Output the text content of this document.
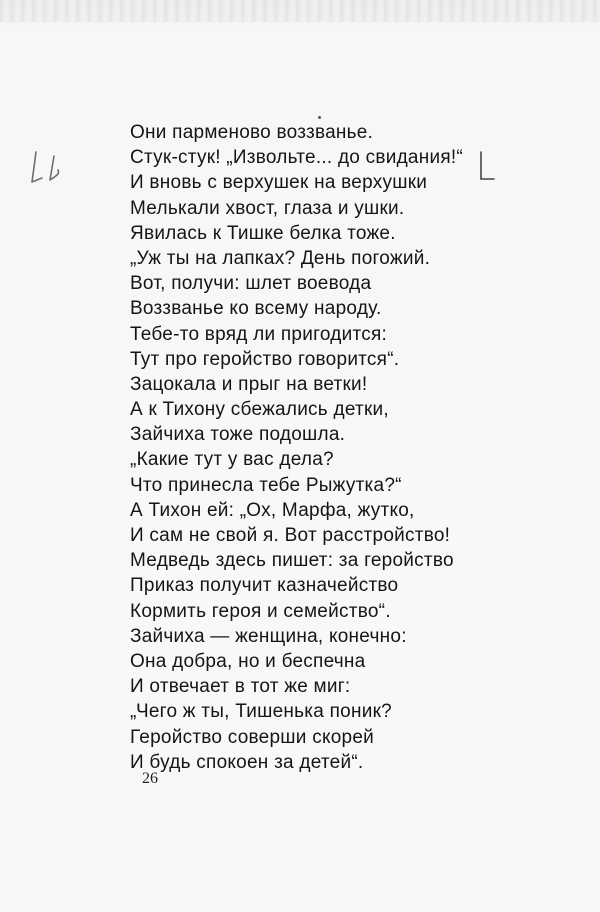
Они парменово воззванье.
Стук-стук! „Извольте... до свидания!“
И вновь с верхушек на верхушки
Мелькали хвост, глаза и ушки.
Явилась к Тишке белка тоже.
„Уж ты на лапках? День погожий.
Вот, получи: шлет воевода
Воззванье ко всему народу.
Тебе-то вряд ли пригодится:
Тут про геройство говорится“.
Зацокала и прыг на ветки!
А к Тихону сбежались детки,
Зайчиха тоже подошла.
„Какие тут у вас дела?
Что принесла тебе Рыжутка?“
А Тихон ей: „Ох, Марфа, жутко,
И сам не свой я. Вот расстройство!
Медведь здесь пишет: за геройство
Приказ получит казначейство
Кормить героя и семейство“.
Зайчиха — женщина, конечно:
Она добра, но и беспечна
И отвечает в тот же миг:
„Чего ж ты, Тишенька поник?
Геройство соверши скорей
И будь спокоен за детей“.
26
